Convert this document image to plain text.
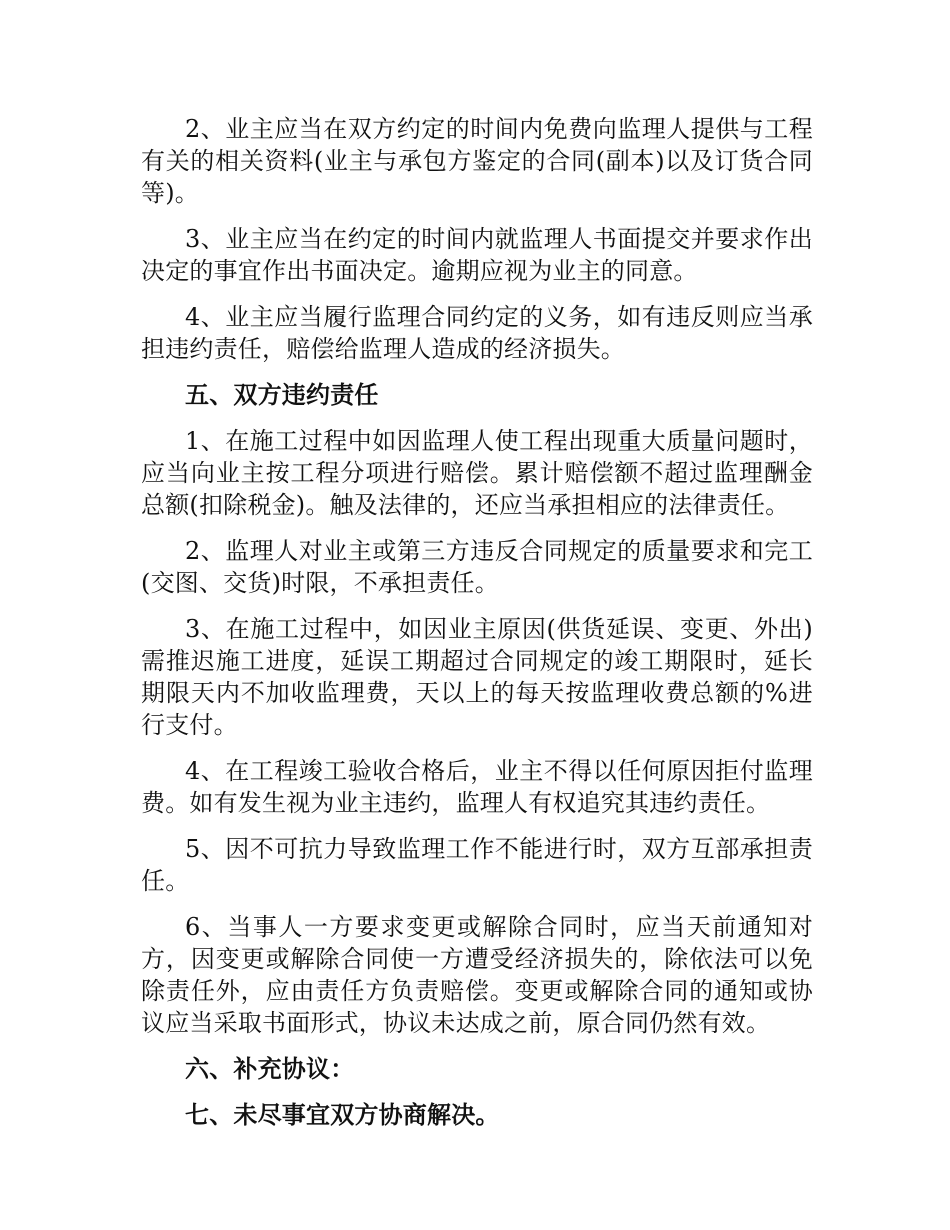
2、业主应当在双方约定的时间内免费向监理人提供与工程有关的相关资料(业主与承包方鉴定的合同(副本)以及订货合同等)。

3、业主应当在约定的时间内就监理人书面提交并要求作出决定的事宜作出书面决定。逾期应视为业主的同意。

4、业主应当履行监理合同约定的义务，如有违反则应当承担违约责任，赔偿给监理人造成的经济损失。

五、双方违约责任

1、在施工过程中如因监理人使工程出现重大质量问题时，应当向业主按工程分项进行赔偿。累计赔偿额不超过监理酬金总额(扣除税金)。触及法律的，还应当承担相应的法律责任。

2、监理人对业主或第三方违反合同规定的质量要求和完工(交图、交货)时限，不承担责任。

3、在施工过程中，如因业主原因(供货延误、变更、外出)需推迟施工进度，延误工期超过合同规定的竣工期限时，延长期限天内不加收监理费，天以上的每天按监理收费总额的%进行支付。

4、在工程竣工验收合格后，业主不得以任何原因拒付监理费。如有发生视为业主违约，监理人有权追究其违约责任。

5、因不可抗力导致监理工作不能进行时，双方互部承担责任。

6、当事人一方要求变更或解除合同时，应当天前通知对方，因变更或解除合同使一方遭受经济损失的，除依法可以免除责任外，应由责任方负责赔偿。变更或解除合同的通知或协议应当采取书面形式，协议未达成之前，原合同仍然有效。

六、补充协议：

七、未尽事宜双方协商解决。
